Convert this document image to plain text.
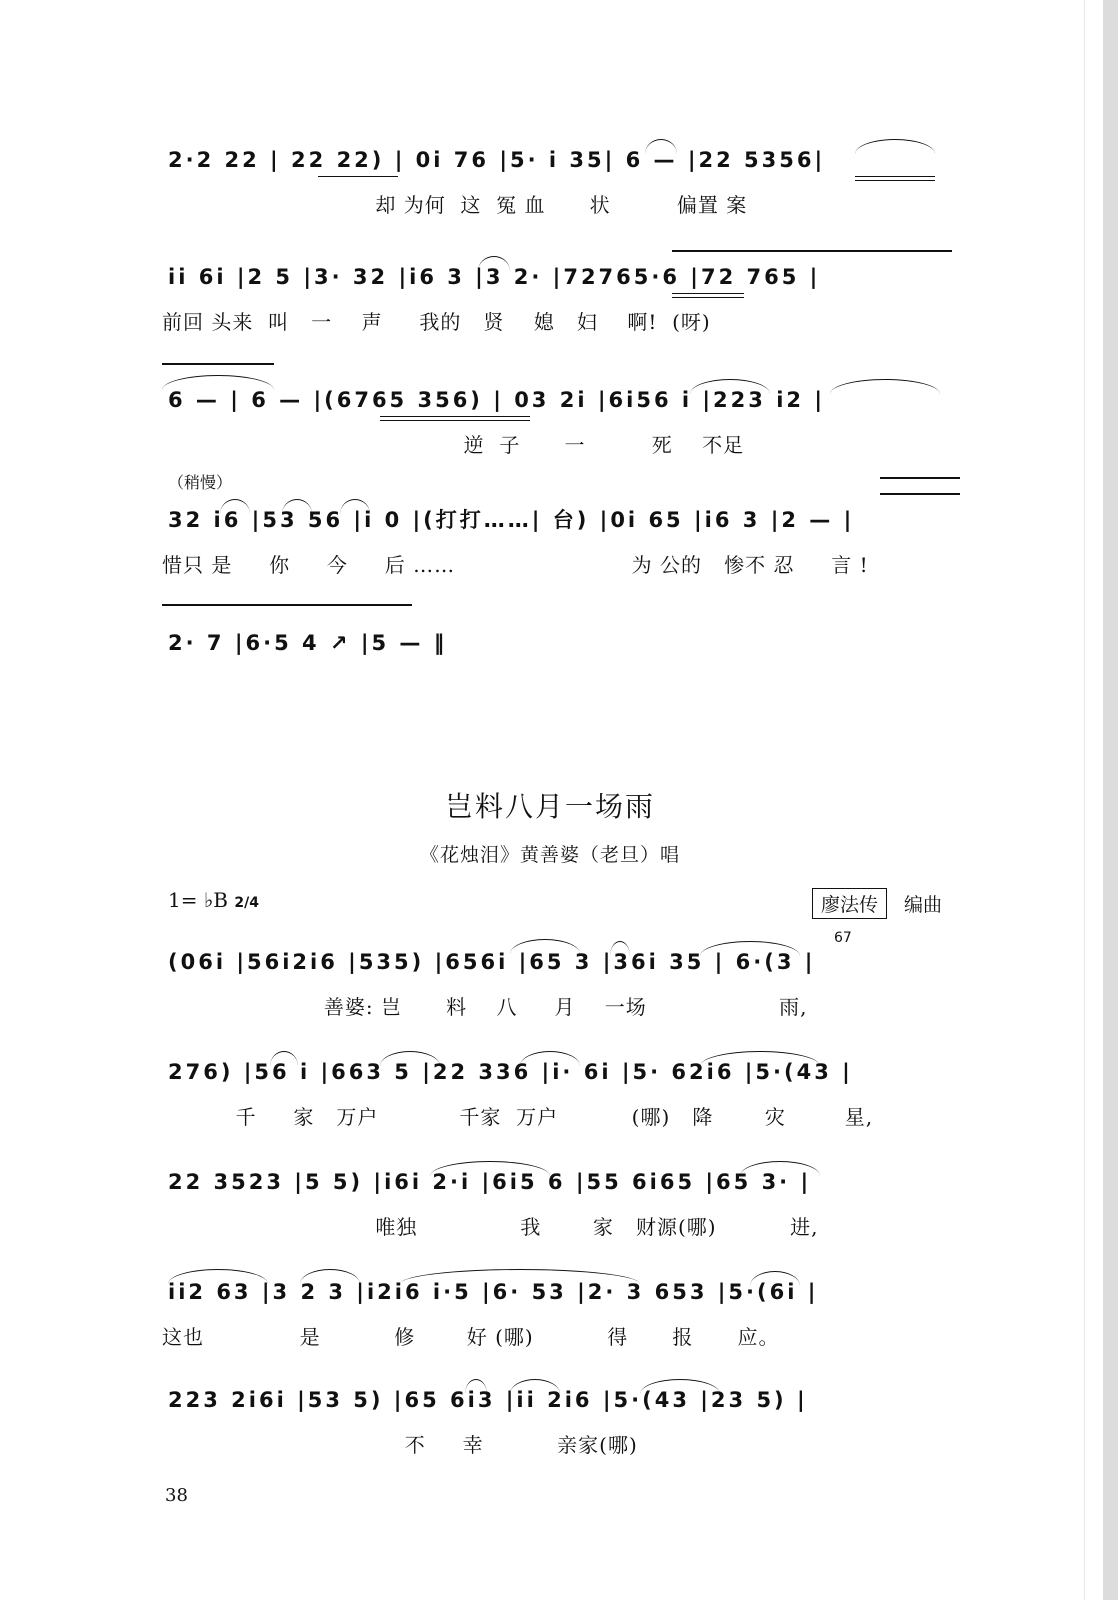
2·2 22 | 22 22) | 0i 76 |5· i 35| 6 — |22 5356|
却 为何  这  冤 血      状         偏置 案
ii 6i |2 5 |3· 32 |i6 3 |3 2· |72765·6 |72 765 |
前回 头来  叫   一    声     我的   贤    媳   妇    啊!  (呀)
6 — | 6 — |(6765 356) | 03 2i |6i56 i |223 i2 |
逆  子      一         死    不足
（稍慢）
32 i6 |53 56 |i 0 |(打打……| 台) |0i 65 |i6 3 |2 — |
惜只 是     你     今     后 ……                        为 公的   惨不 忍     言 !
2· 7 |6·5 4 ↗ |5 — ‖
岂料八月一场雨
《花烛泪》黄善婆（老旦）唱
1= ♭B 2/4	廖法传	编曲
67
(06i |56i2i6 |535) |656i |65 3 |36i 35 | 6·(3 |
善婆: 岂      料    八     月    一场                  雨,
276) |56 i |663 5 |22 336 |i· 6i |5· 62i6 |5·(43 |
千     家   万户           千家  万户          (哪)   降       灾        星,
22 3523 |5 5) |i6i 2·i |6i5 6 |55 6i65 |65 3· |
唯独              我       家   财源(哪)          进,
ii2 63 |3 2 3 |i2i6 i·5 |6· 53 |2· 3 653 |5·(6i |
这也             是          修       好 (哪)          得      报      应。
223 2i6i |53 5) |65 6i3 |ii 2i6 |5·(43 |23 5) |
不     幸          亲家(哪)
38
